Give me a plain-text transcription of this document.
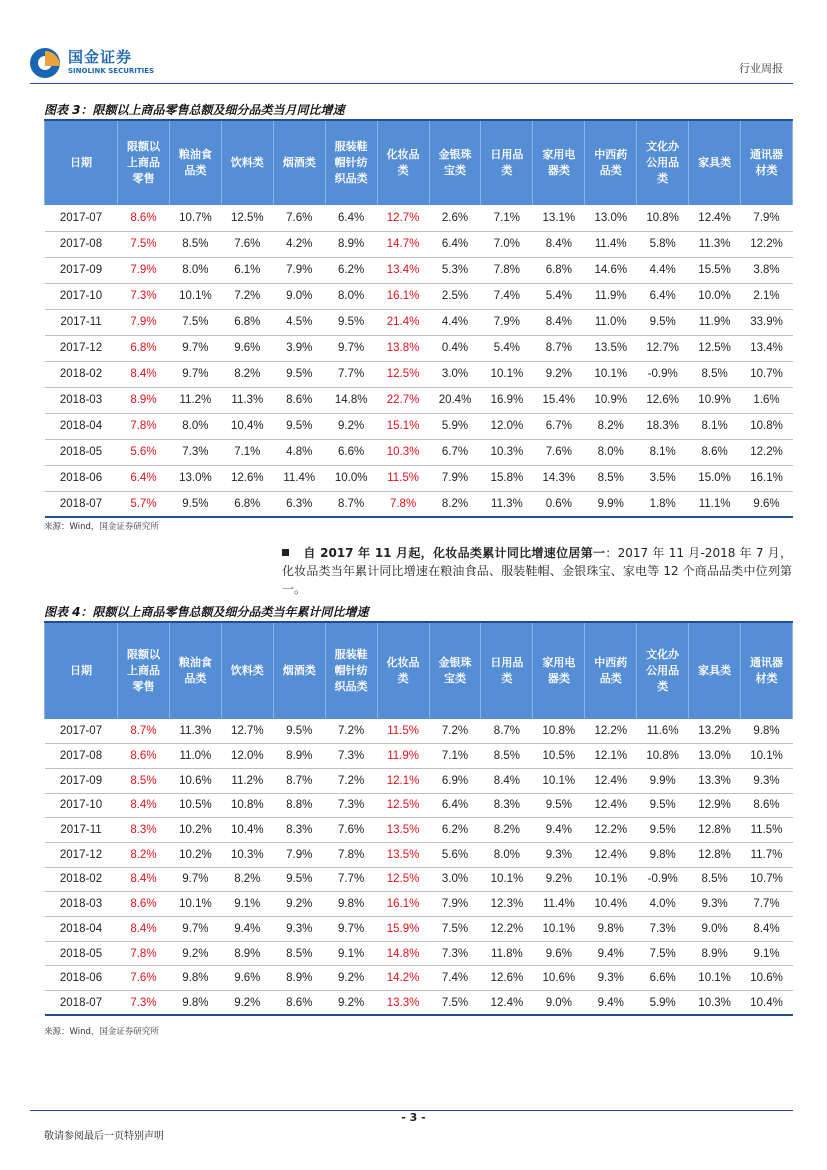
国金证券
SINOLINK SECURITIES	行业周报
图表 3：限额以上商品零售总额及细分品类当月同比增速
日期	限额以上商品零售	粮油食品类	饮料类	烟酒类	服装鞋帽针纺织品类	化妆品类	金银珠宝类	日用品类	家用电器类	中西药品类	文化办公用品类	家具类	通讯器材类
2017-07	8.6%	10.7%	12.5%	7.6%	6.4%	12.7%	2.6%	7.1%	13.1%	13.0%	10.8%	12.4%	7.9%
2017-08	7.5%	8.5%	7.6%	4.2%	8.9%	14.7%	6.4%	7.0%	8.4%	11.4%	5.8%	11.3%	12.2%
2017-09	7.9%	8.0%	6.1%	7.9%	6.2%	13.4%	5.3%	7.8%	6.8%	14.6%	4.4%	15.5%	3.8%
2017-10	7.3%	10.1%	7.2%	9.0%	8.0%	16.1%	2.5%	7.4%	5.4%	11.9%	6.4%	10.0%	2.1%
2017-11	7.9%	7.5%	6.8%	4.5%	9.5%	21.4%	4.4%	7.9%	8.4%	11.0%	9.5%	11.9%	33.9%
2017-12	6.8%	9.7%	9.6%	3.9%	9.7%	13.8%	0.4%	5.4%	8.7%	13.5%	12.7%	12.5%	13.4%
2018-02	8.4%	9.7%	8.2%	9.5%	7.7%	12.5%	3.0%	10.1%	9.2%	10.1%	-0.9%	8.5%	10.7%
2018-03	8.9%	11.2%	11.3%	8.6%	14.8%	22.7%	20.4%	16.9%	15.4%	10.9%	12.6%	10.9%	1.6%
2018-04	7.8%	8.0%	10.4%	9.5%	9.2%	15.1%	5.9%	12.0%	6.7%	8.2%	18.3%	8.1%	10.8%
2018-05	5.6%	7.3%	7.1%	4.8%	6.6%	10.3%	6.7%	10.3%	7.6%	8.0%	8.1%	8.6%	12.2%
2018-06	6.4%	13.0%	12.6%	11.4%	10.0%	11.5%	7.9%	15.8%	14.3%	8.5%	3.5%	15.0%	16.1%
2018-07	5.7%	9.5%	6.8%	6.3%	8.7%	7.8%	8.2%	11.3%	0.6%	9.9%	1.8%	11.1%	9.6%
来源：Wind，国金证券研究所
自 2017 年 11 月起，化妆品类累计同比增速位居第一：2017 年 11 月-2018 年 7 月，化妆品类当年累计同比增速在粮油食品、服装鞋帽、金银珠宝、家电等 12 个商品品类中位列第一。
图表 4：限额以上商品零售总额及细分品类当年累计同比增速
日期	限额以上商品零售	粮油食品类	饮料类	烟酒类	服装鞋帽针纺织品类	化妆品类	金银珠宝类	日用品类	家用电器类	中西药品类	文化办公用品类	家具类	通讯器材类
2017-07	8.7%	11.3%	12.7%	9.5%	7.2%	11.5%	7.2%	8.7%	10.8%	12.2%	11.6%	13.2%	9.8%
2017-08	8.6%	11.0%	12.0%	8.9%	7.3%	11.9%	7.1%	8.5%	10.5%	12.1%	10.8%	13.0%	10.1%
2017-09	8.5%	10.6%	11.2%	8.7%	7.2%	12.1%	6.9%	8.4%	10.1%	12.4%	9.9%	13.3%	9.3%
2017-10	8.4%	10.5%	10.8%	8.8%	7.3%	12.5%	6.4%	8.3%	9.5%	12.4%	9.5%	12.9%	8.6%
2017-11	8.3%	10.2%	10.4%	8.3%	7.6%	13.5%	6.2%	8.2%	9.4%	12.2%	9.5%	12.8%	11.5%
2017-12	8.2%	10.2%	10.3%	7.9%	7.8%	13.5%	5.6%	8.0%	9.3%	12.4%	9.8%	12.8%	11.7%
2018-02	8.4%	9.7%	8.2%	9.5%	7.7%	12.5%	3.0%	10.1%	9.2%	10.1%	-0.9%	8.5%	10.7%
2018-03	8.6%	10.1%	9.1%	9.2%	9.8%	16.1%	7.9%	12.3%	11.4%	10.4%	4.0%	9.3%	7.7%
2018-04	8.4%	9.7%	9.4%	9.3%	9.7%	15.9%	7.5%	12.2%	10.1%	9.8%	7.3%	9.0%	8.4%
2018-05	7.8%	9.2%	8.9%	8.5%	9.1%	14.8%	7.3%	11.8%	9.6%	9.4%	7.5%	8.9%	9.1%
2018-06	7.6%	9.8%	9.6%	8.9%	9.2%	14.2%	7.4%	12.6%	10.6%	9.3%	6.6%	10.1%	10.6%
2018-07	7.3%	9.8%	9.2%	8.6%	9.2%	13.3%	7.5%	12.4%	9.0%	9.4%	5.9%	10.3%	10.4%
来源：Wind，国金证券研究所
- 3 -
敬请参阅最后一页特别声明
